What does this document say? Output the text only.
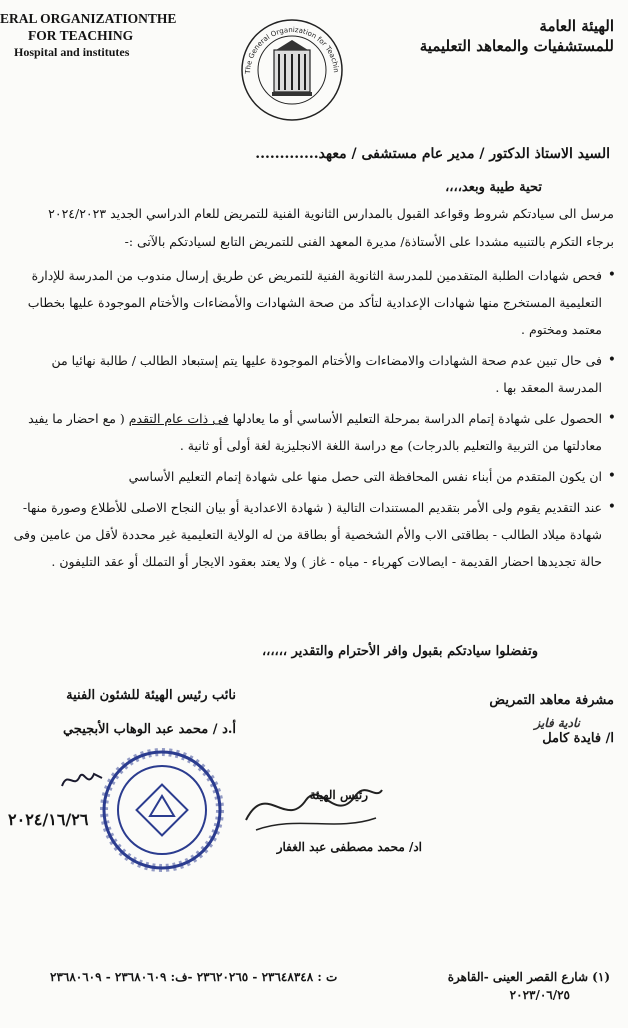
ERAL ORGANIZATIONTHE
FOR TEACHING
Hospital and institutes
The General Organization for Teachin
الهيئة العامة
للمستشفيات والمعاهد التعليمية
السيد الاستاذ الدكتور / مدير عام مستشفى / معهد.............
تحية طيبة وبعد،،،،
مرسل الى سيادتكم شروط وقواعد القبول بالمدارس الثانوية الفنية للتمريض للعام الدراسي الجديد ٢٠٢٤/٢٠٢٣
برجاء التكرم بالتنبيه مشددا على الأستاذة/ مديرة المعهد الفنى للتمريض التابع لسيادتكم بالآتى :-
• فحص شهادات الطلبة المتقدمين للمدرسة الثانوية الفنية للتمريض عن طريق إرسال مندوب من المدرسة للإدارة التعليمية المستخرج منها شهادات الإعدادية لتأكد من صحة الشهادات والأمضاءات والأختام الموجودة عليها بخطاب معتمد ومختوم .
• فى حال تبين عدم صحة الشهادات والامضاءات والأختام الموجودة عليها يتم إستبعاد الطالب / طالبة نهائيا من المدرسة المعقد بها .
• الحصول على شهادة إتمام الدراسة بمرحلة التعليم الأساسي أو ما يعادلها فى ذات عام التقدم ( مع احضار ما يفيد معادلتها من التربية والتعليم بالدرجات) مع دراسة اللغة الانجليزية لغة أولى أو ثانية .
• ان يكون المتقدم من أبناء نفس المحافظة التى حصل منها على شهادة إتمام التعليم الأساسي
• عند التقديم يقوم ولى الأمر بتقديم المستندات التالية ( شهادة الاعدادية أو بيان النجاح الاصلى للأطلاع وصورة منها- شهادة ميلاد الطالب - بطاقتى الاب والأم الشخصية أو بطاقة من له الولاية التعليمية غير محددة لأقل من عامين وفى حالة تجديدها احضار القديمة - ايصالات كهرباء - مياه - غاز ) ولا يعتد بعقود الايجار أو التملك أو عقد التليفون .
وتفضلوا سيادتكم بقبول وافر الأحترام والتقدير ،،،،،،
مشرفة معاهد التمريض
نادية فايز
ا/ فايدة كامل
نائب رئيس الهيئة للشئون الفنية
أ.د / محمد عبد الوهاب الأبجيجي
٢٠٢٤/١٦/٢٦
رئيس الهيئة
اد/ محمد مصطفى عبد الغفار
(١) شارع القصر العينى -القاهرة
ت : ٢٣٦٤٨٣٤٨ - ٢٣٦٢٠٢٦٥ -ف: ٢٣٦٨٠٦٠٩ - ٢٣٦٨٠٦٠٩
٢٠٢٣/٠٦/٢٥
